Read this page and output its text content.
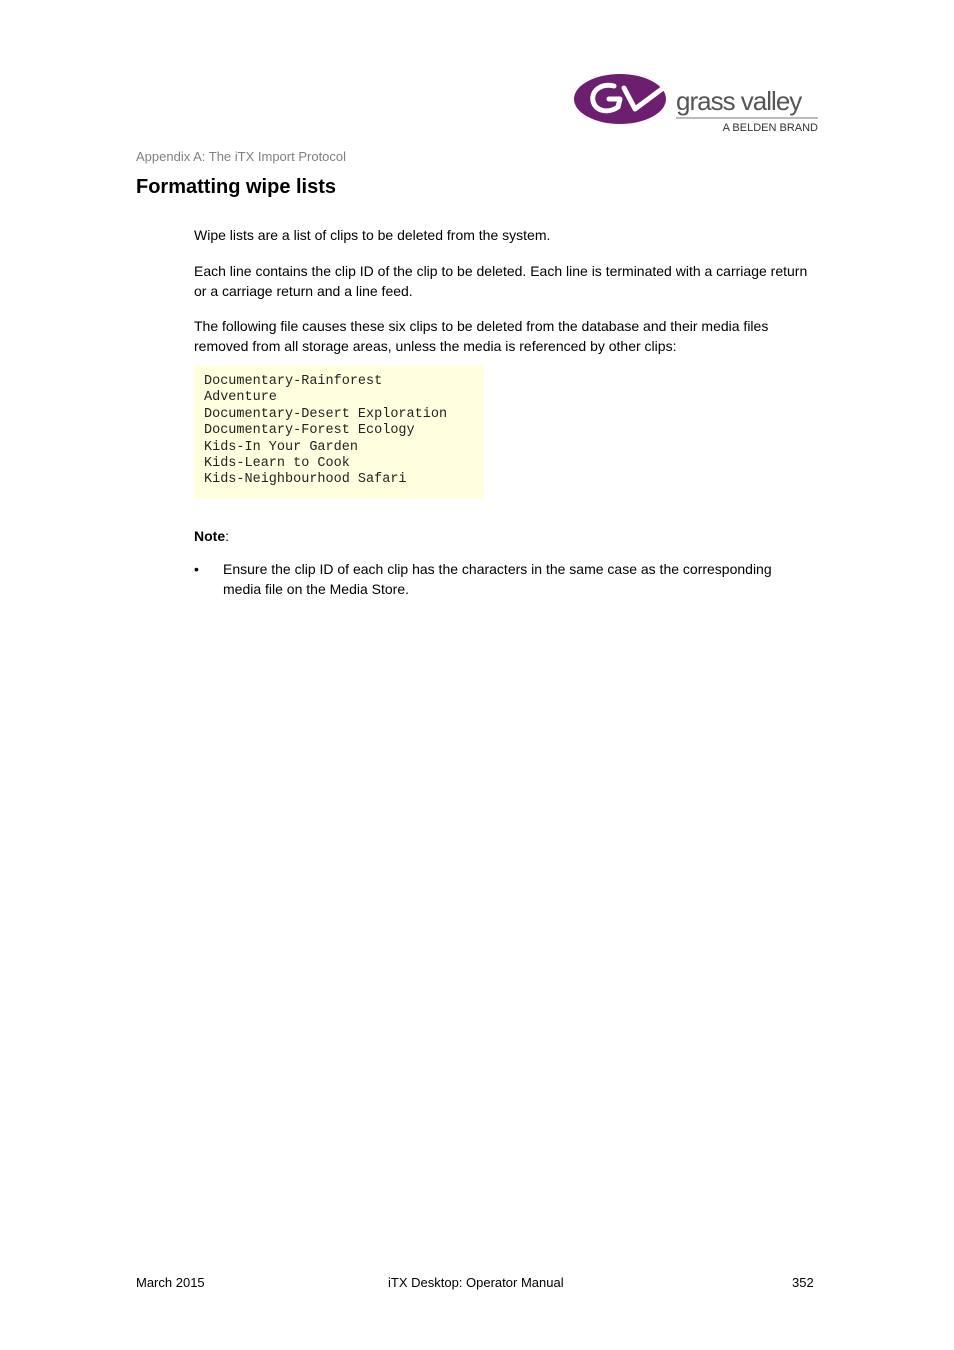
grass valley
A BELDEN BRAND
Appendix A: The iTX Import Protocol
Formatting wipe lists

Wipe lists are a list of clips to be deleted from the system.

Each line contains the clip ID of the clip to be deleted. Each line is terminated with a carriage return or a carriage return and a line feed.

The following file causes these six clips to be deleted from the database and their media files removed from all storage areas, unless the media is referenced by other clips:

Documentary-Rainforest
Adventure
Documentary-Desert Exploration
Documentary-Forest Ecology
Kids-In Your Garden
Kids-Learn to Cook
Kids-Neighbourhood Safari
Note:
• Ensure the clip ID of each clip has the characters in the same case as the corresponding media file on the Media Store.
March 2015	iTX Desktop: Operator Manual	352
